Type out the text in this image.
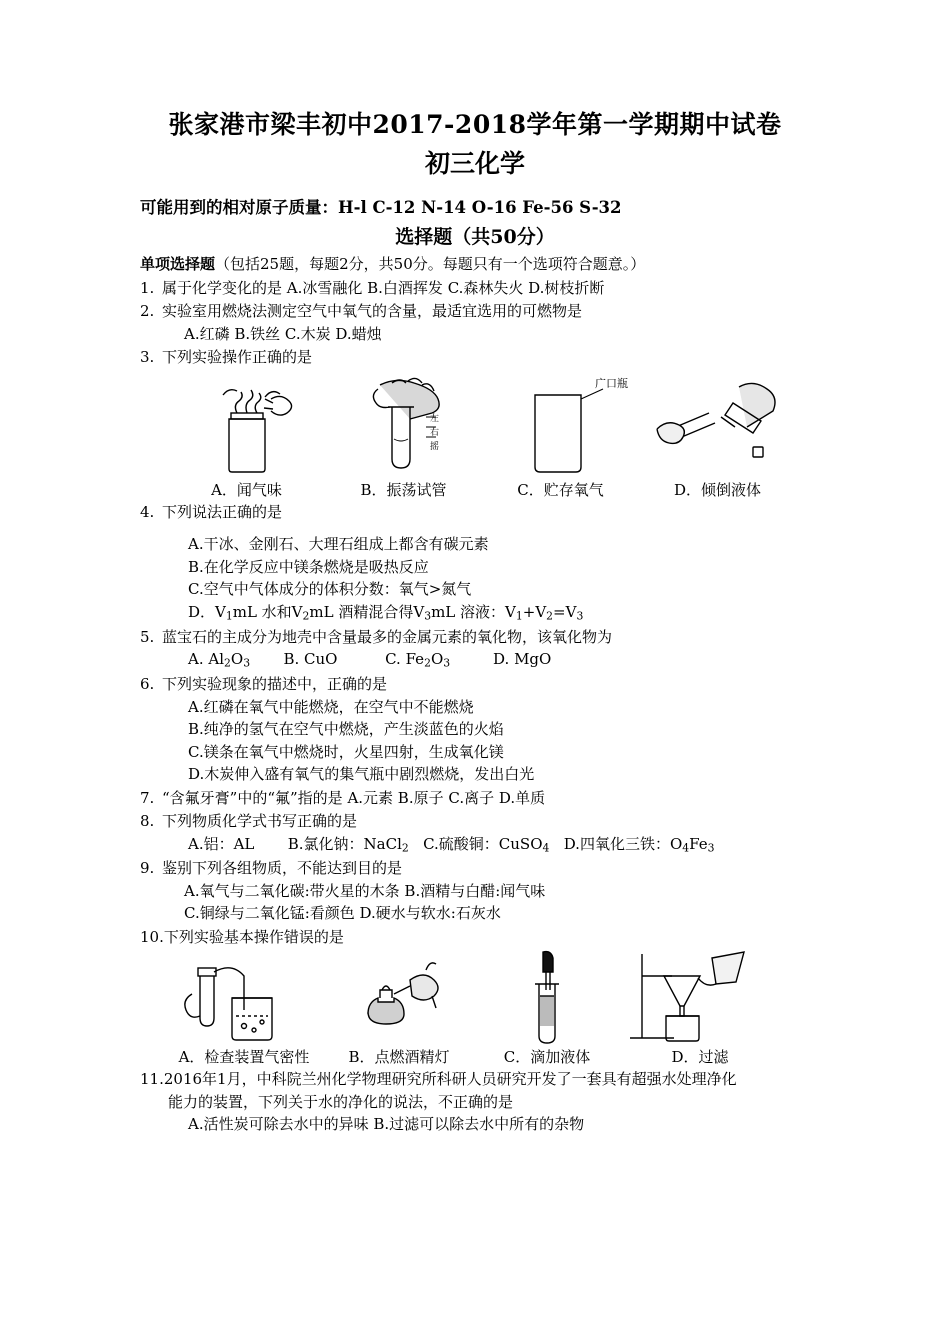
张家港市梁丰初中2017-2018学年第一学期期中试卷
初三化学
可能用到的相对原子质量：H-l C-12 N-14 O-16 Fe-56 S-32
选择题（共50分）
单项选择题（包括25题，每题2分，共50分。每题只有一个选项符合题意。）
1. 属于化学变化的是 A.冰雪融化 B.白酒挥发 C.森林失火 D.树枝折断
2. 实验室用燃烧法测定空气中氧气的含量，最适宜选用的可燃物是
A.红磷 B.铁丝 C.木炭 D.蜡烛
3. 下列实验操作正确的是
A．闻气味
左
右
摇
B．振荡试管
广口瓶
C．贮存氧气	D．倾倒液体
4. 下列说法正确的是
A.干冰、金刚石、大理石组成上都含有碳元素
B.在化学反应中镁条燃烧是吸热反应
C.空气中气体成分的体积分数：氧气>氮气
D．$V_1mL$ 水和$V_2mL$ 酒精混合得$V_3mL$ 溶液：$V_1+V_2=V_3$
5. 蓝宝石的主成分为地壳中含量最多的金属元素的氧化物，该氧化物为
A. $Al_2O_3$       B. CuO          C. $Fe_2O_3$         D. MgO
6. 下列实验现象的描述中，正确的是
A.红磷在氧气中能燃烧，在空气中不能燃烧
B.纯净的氢气在空气中燃烧，产生淡蓝色的火焰
C.镁条在氧气中燃烧时，火星四射，生成氧化镁
D.木炭伸入盛有氧气的集气瓶中剧烈燃烧，发出白光
7. “含氟牙膏”中的“氟”指的是 A.元素 B.原子 C.离子 D.单质
8. 下列物质化学式书写正确的是
A.铝：AL       B.氯化钠：NaCl$_2$   C.硫酸铜：CuSO$_4$   D.四氧化三铁：$O_4Fe_3$
9. 鉴别下列各组物质，不能达到目的是
A.氧气与二氧化碳:带火星的木条 B.酒精与白醋:闻气味
C.铜绿与二氧化锰:看颜色 D.硬水与软水:石灰水
10.下列实验基本操作错误的是
A．检查装置气密性	B．点燃酒精灯	C．滴加液体	D．过滤
11.2016年1月，中科院兰州化学物理研究所科研人员研究开发了一套具有超强水处理净化
能力的装置，下列关于水的净化的说法，不正确的是
A.活性炭可除去水中的异味 B.过滤可以除去水中所有的杂物
